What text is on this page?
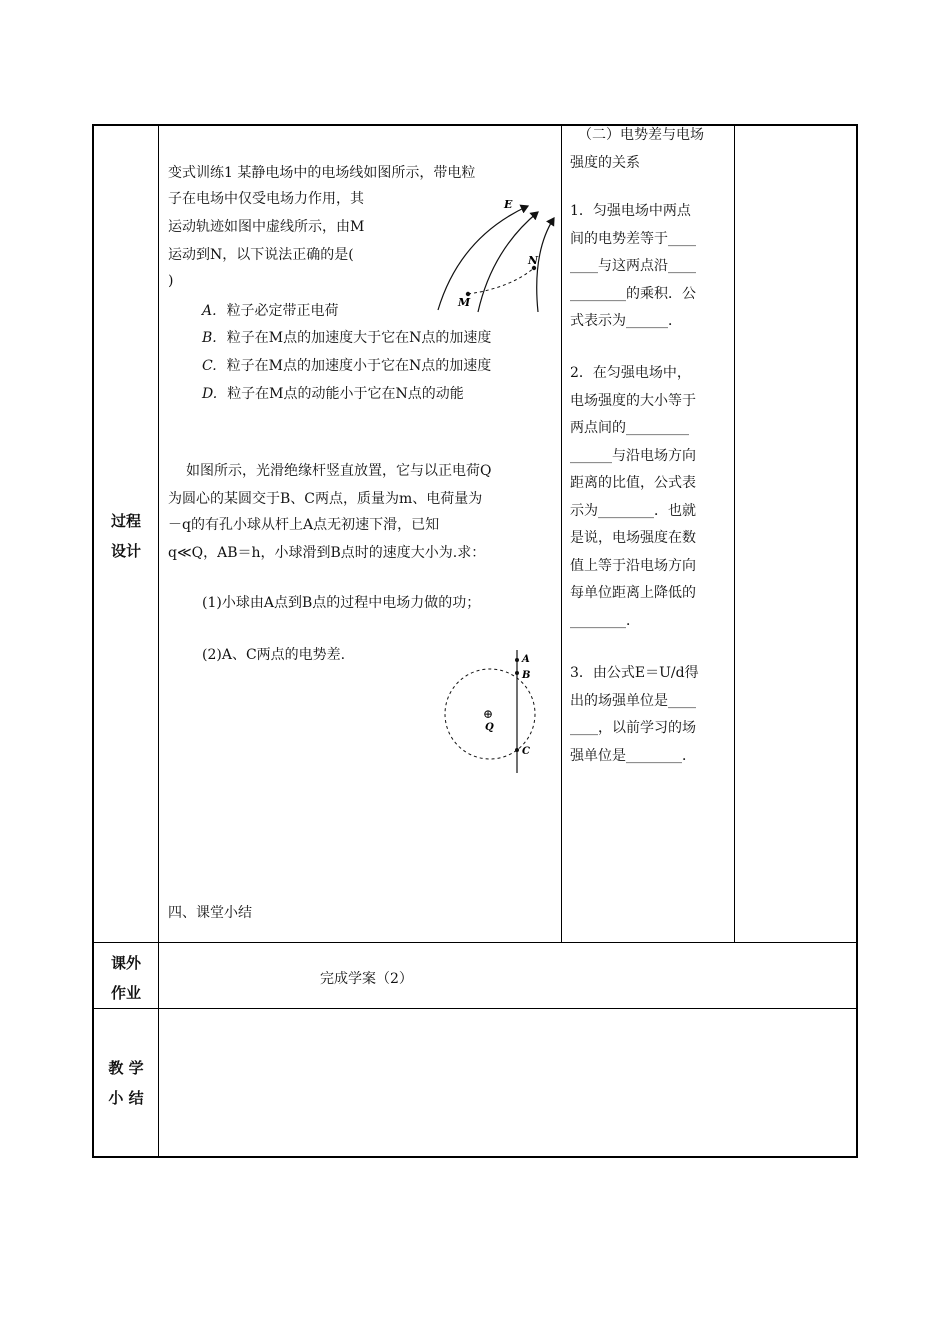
过程
设计
课外
作业
教 学
小 结
变式训练1 某静电场中的电场线如图所示，带电粒
子在电场中仅受电场力作用，其
运动轨迹如图中虚线所示，由M
运动到N，以下说法正确的是(
)
A. 粒子必定带正电荷
B. 粒子在M点的加速度大于它在N点的加速度
C. 粒子在M点的加速度小于它在N点的加速度
D. 粒子在M点的动能小于它在N点的动能
E
N
M
如图所示，光滑绝缘杆竖直放置，它与以正电荷Q
为圆心的某圆交于B、C两点，质量为m、电荷量为
－q的有孔小球从杆上A点无初速下滑，已知
q≪Q，AB＝h，小球滑到B点时的速度大小为.求：
(1)小球由A点到B点的过程中电场力做的功；
(2)A、C两点的电势差.	A
B
C
⊕
Q
四、课堂小结
完成学案（2）
（二）电势差与电场
强度的关系
1．匀强电场中两点
间的电势差等于____
____与这两点沿____
________的乘积．公
式表示为______．
2．在匀强电场中，
电场强度的大小等于
两点间的_________
______与沿电场方向
距离的比值，公式表
示为________．也就
是说，电场强度在数
值上等于沿电场方向
每单位距离上降低的
________．
3．由公式E＝U/d得
出的场强单位是____
____，以前学习的场
强单位是________．
